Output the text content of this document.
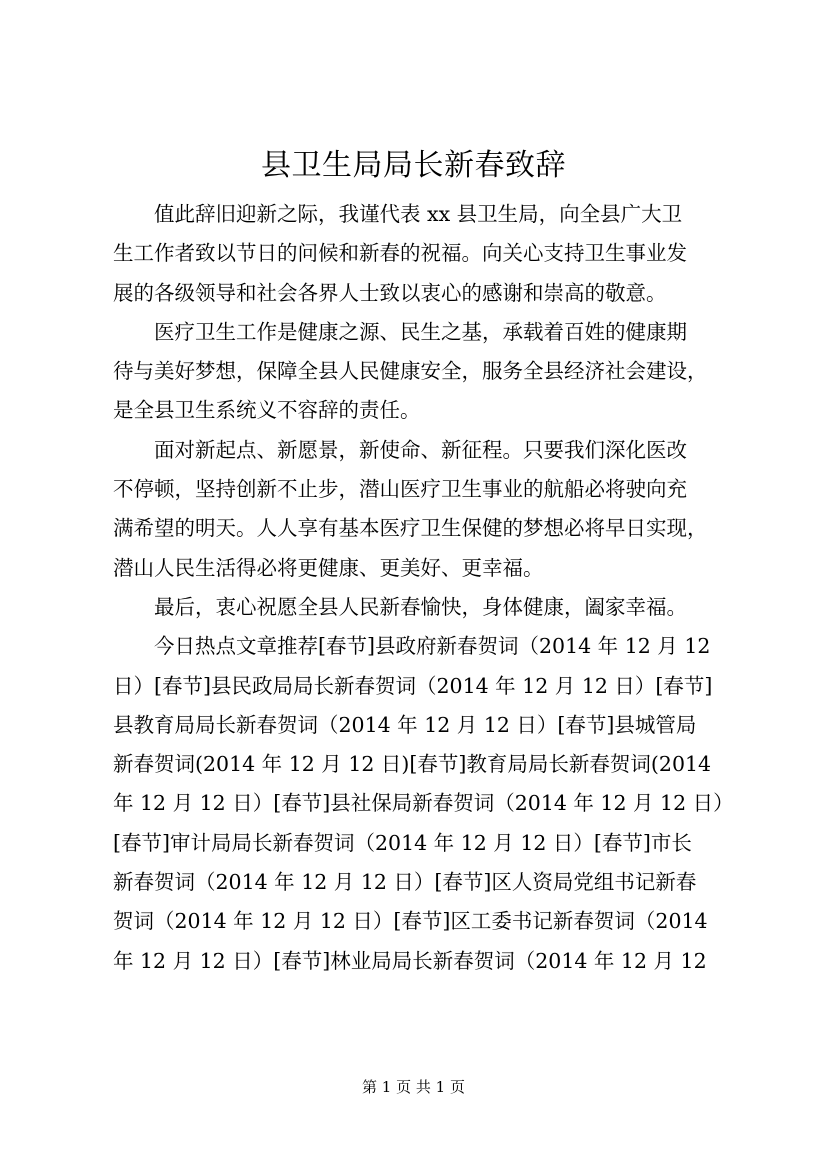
县卫生局局长新春致辞
值此辞旧迎新之际，我谨代表 xx 县卫生局，向全县广大卫
生工作者致以节日的问候和新春的祝福。向关心支持卫生事业发
展的各级领导和社会各界人士致以衷心的感谢和崇高的敬意。
医疗卫生工作是健康之源、民生之基，承载着百姓的健康期
待与美好梦想，保障全县人民健康安全，服务全县经济社会建设，
是全县卫生系统义不容辞的责任。
面对新起点、新愿景，新使命、新征程。只要我们深化医改
不停顿，坚持创新不止步，潜山医疗卫生事业的航船必将驶向充
满希望的明天。人人享有基本医疗卫生保健的梦想必将早日实现，
潜山人民生活得必将更健康、更美好、更幸福。
最后，衷心祝愿全县人民新春愉快，身体健康，阖家幸福。
今日热点文章推荐[春节]县政府新春贺词（2014 年 12 月 12
日）[春节]县民政局局长新春贺词（2014 年 12 月 12 日）[春节]
县教育局局长新春贺词（2014 年 12 月 12 日）[春节]县城管局
新春贺词(2014 年 12 月 12 日)[春节]教育局局长新春贺词(2014
年 12 月 12 日）[春节]县社保局新春贺词（2014 年 12 月 12 日）
[春节]审计局局长新春贺词（2014 年 12 月 12 日）[春节]市长
新春贺词（2014 年 12 月 12 日）[春节]区人资局党组书记新春
贺词（2014 年 12 月 12 日）[春节]区工委书记新春贺词（2014
年 12 月 12 日）[春节]林业局局长新春贺词（2014 年 12 月 12
第 1 页 共 1 页
